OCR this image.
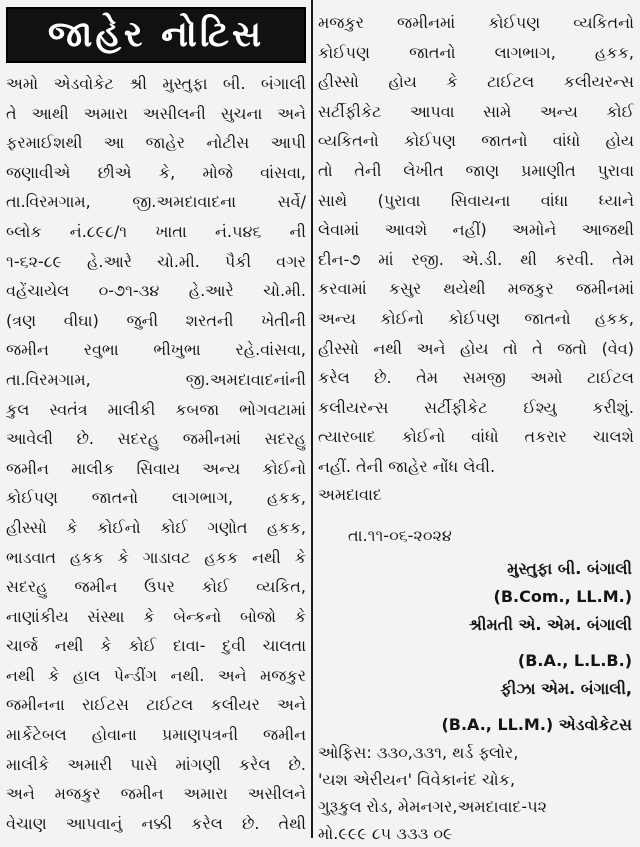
જાહેર નોટિસ
અમો એડવોકેટ શ્રી મુસ્તુફા બી. બંગાલી
તે આથી અમારા અસીલની સુચના અને
ફરમાઈશથી આ જાહેર નોટીસ આપી
જણાવીએ છીએ કે, મોજે વાંસવા,
તા.વિરમગામ, જી.અમદાવાદના સર્વે/
બ્લોક નં.૮૯૮/૧ ખાતા નં.૫૪૬ ની
૧-૬૨-૮૯ હે.આરે ચો.મી. પૈકી વગર
વહેંચાયેલ ૦-૭૧-૩૪ હે.આરે ચો.મી.
(ત્રણ વીઘા) જુની શરતની ખેતીની
જમીન રવુભા ભીખુભા રહે.વાંસવા,
તા.વિરમગામ, જી.અમદાવાદનાંની
કુલ સ્વતંત્ર માલીકી કબજા ભોગવટામાં
આવેલી છે. સદરહુ જમીનમાં સદરહુ
જમીન માલીક સિવાય અન્ય કોઈનો
કોઈપણ જાતનો લાગભાગ, હકક,
હીસ્સો કે કોઈનો કોઈ ગણોત હકક,
ભાડવાત હકક કે ગાડાવટ હકક નથી કે
સદરહુ જમીન ઉપર કોઈ વ્યકિત,
નાણાંકીય સંસ્થા કે બેન્કનો બોજો કે
ચાર્જ નથી કે કોઈ દાવા- દુવી ચાલતા
નથી કે હાલ પેન્ડીંગ નથી. અને મજકુર
જમીનના રાઈટસ ટાઈટલ કલીયર અને
માર્કેટેબલ હોવાના પ્રમાણપત્રની જમીન
માલીકે અમારી પાસે માંગણી કરેલ છે.
અને મજકુર જમીન અમારા અસીલને
વેચાણ આપવાનું નક્કી કરેલ છે. તેથી
મજકુર જમીનમાં કોઈપણ વ્યકિતનો
કોઈપણ જાતનો લાગભાગ, હકક,
હીસ્સો હોય કે ટાઈટલ કલીયરન્સ
સર્ટીફીકેટ આપવા સામે અન્ય કોઈ
વ્યકિતનો કોઈપણ જાતનો વાંધો હોય
તો તેની લેખીત જાણ પ્રમાણીત પુરાવા
સાથે (પુરાવા સિવાયના વાંધા ધ્યાને
લેવામાં આવશે નહીં) અમોને આજથી
દીન-૭ માં રજી. એ.ડી. થી કરવી. તેમ
કરવામાં કસુર થયેથી મજકુર જમીનમાં
અન્ય કોઈનો કોઈપણ જાતનો હકક,
હીસ્સો નથી અને હોય તો તે જતો (વેવ)
કરેલ છે. તેમ સમજી અમો ટાઈટલ
કલીયરન્સ સર્ટીફીકેટ ઈશ્યુ કરીશું.
ત્યારબાદ કોઈનો વાંધો તકરાર ચાલશે
નહીં. તેની જાહેર નોંધ લેવી.
અમદાવાદ
તા.૧૧-૦૬-૨૦૨૪
મુસ્તુફા બી. બંગાલી
(B.Com., LL.M.)
શ્રીમતી એ. એમ. બંગાલી
(B.A., L.L.B.)
ફીઝા એમ. બંગાલી,
(B.A., LL.M.) એડવોકેટસ
ઓફિસ: ૩૩૦,૩૩૧, થર્ડ ફ્લોર,
'યશ એરીયન' વિવેકાનંદ ચોક,
ગુરૂકુલ રોડ, મેમનગર,અમદાવાદ-૫૨
મો.૯૯૯ ૮૫ ૩૩૩ ૦૯
